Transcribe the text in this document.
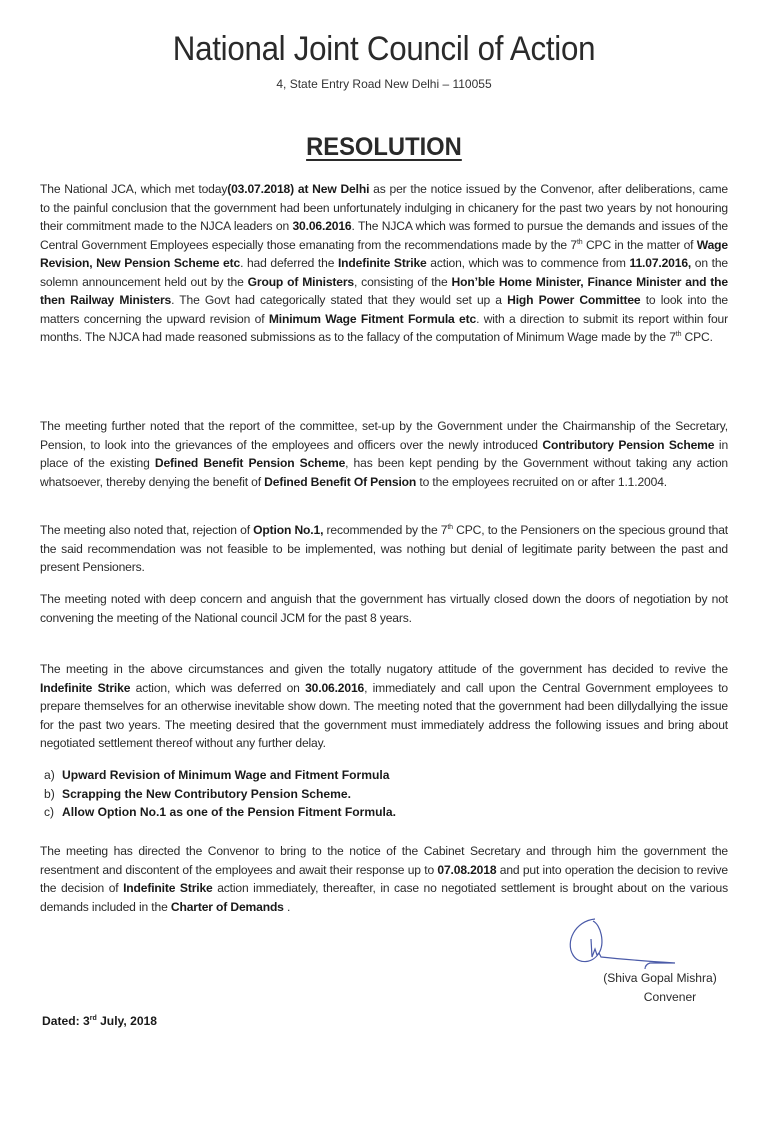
National Joint Council of Action
4, State Entry Road New Delhi – 110055
RESOLUTION

The National JCA, which met today(03.07.2018) at New Delhi as per the notice issued by the Convenor, after deliberations, came to the painful conclusion that the government had been unfortunately indulging in chicanery for the past two years by not honouring their commitment made to the NJCA leaders on 30.06.2016. The NJCA which was formed to pursue the demands and issues of the Central Government Employees especially those emanating from the recommendations made by the 7th CPC in the matter of Wage Revision, New Pension Scheme etc. had deferred the Indefinite Strike action, which was to commence from 11.07.2016, on the solemn announcement held out by the Group of Ministers, consisting of the Hon’ble Home Minister, Finance Minister and the then Railway Ministers. The Govt had categorically stated that they would set up a High Power Committee to look into the matters concerning the upward revision of Minimum Wage Fitment Formula etc. with a direction to submit its report within four months. The NJCA had made reasoned submissions as to the fallacy of the computation of Minimum Wage made by the 7th CPC.

The meeting further noted that the report of the committee, set-up by the Government under the Chairmanship of the Secretary, Pension, to look into the grievances of the employees and officers over the newly introduced Contributory Pension Scheme in place of the existing Defined Benefit Pension Scheme, has been kept pending by the Government without taking any action whatsoever, thereby denying the benefit of Defined Benefit Of Pension to the employees recruited on or after 1.1.2004.

The meeting also noted that, rejection of Option No.1, recommended by the 7th CPC, to the Pensioners on the specious ground that the said recommendation was not feasible to be implemented, was nothing but denial of legitimate parity between the past and present Pensioners.

The meeting noted with deep concern and anguish that the government has virtually closed down the doors of negotiation by not convening the meeting of the National council JCM for the past 8 years.

The meeting in the above circumstances and given the totally nugatory attitude of the government has decided to revive the Indefinite Strike action, which was deferred on 30.06.2016, immediately and call upon the Central Government employees to prepare themselves for an otherwise inevitable show down. The meeting noted that the government had been dillydallying the issue for the past two years. The meeting desired that the government must immediately address the following issues and bring about negotiated settlement thereof without any further delay.

a) Upward Revision of Minimum Wage and Fitment Formula
b) Scrapping the New Contributory Pension Scheme.
c) Allow Option No.1 as one of the Pension Fitment Formula.

The meeting has directed the Convenor to bring to the notice of the Cabinet Secretary and through him the government the resentment and discontent of the employees and await their response up to 07.08.2018 and put into operation the decision to revive the decision of Indefinite Strike action immediately, thereafter, in case no negotiated settlement is brought about on the various demands included in the Charter of Demands .

(Shiva Gopal Mishra)
Convener
Dated: 3rd July, 2018
